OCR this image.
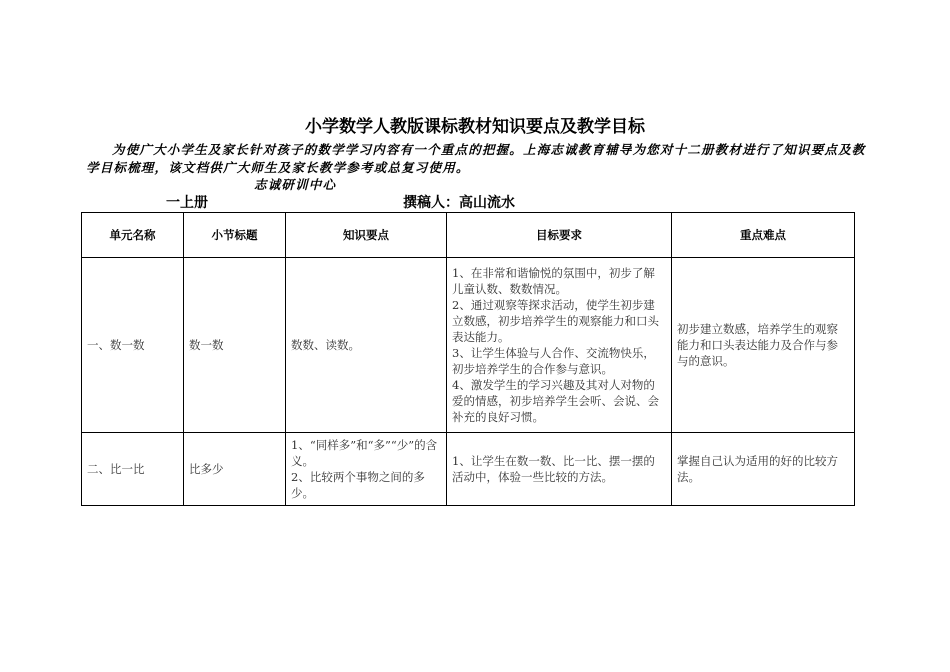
小学数学人教版课标教材知识要点及教学目标
为使广大小学生及家长针对孩子的数学学习内容有一个重点的把握。上海志诚教育辅导为您对十二册教材进行了知识要点及教学目标梳理，该文档供广大师生及家长教学参考或总复习使用。
志诚研训中心
一上册	撰稿人：高山流水
单元名称	小节标题	知识要点	目标要求	重点难点
一、数一数	数一数	数数、读数。	1、在非常和谐愉悦的氛围中，初步了解儿童认数、数数情况。
2、通过观察等探求活动，使学生初步建立数感，初步培养学生的观察能力和口头表达能力。
3、让学生体验与人合作、交流物快乐，初步培养学生的合作参与意识。
4、激发学生的学习兴趣及其对人对物的爱的情感，初步培养学生会听、会说、会补充的良好习惯。	初步建立数感，培养学生的观察能力和口头表达能力及合作与参与的意识。
二、比一比	比多少	1、“同样多”和“多”“少”的含义。
2、比较两个事物之间的多少。	1、让学生在数一数、比一比、摆一摆的活动中，体验一些比较的方法。	掌握自己认为适用的好的比较方法。
